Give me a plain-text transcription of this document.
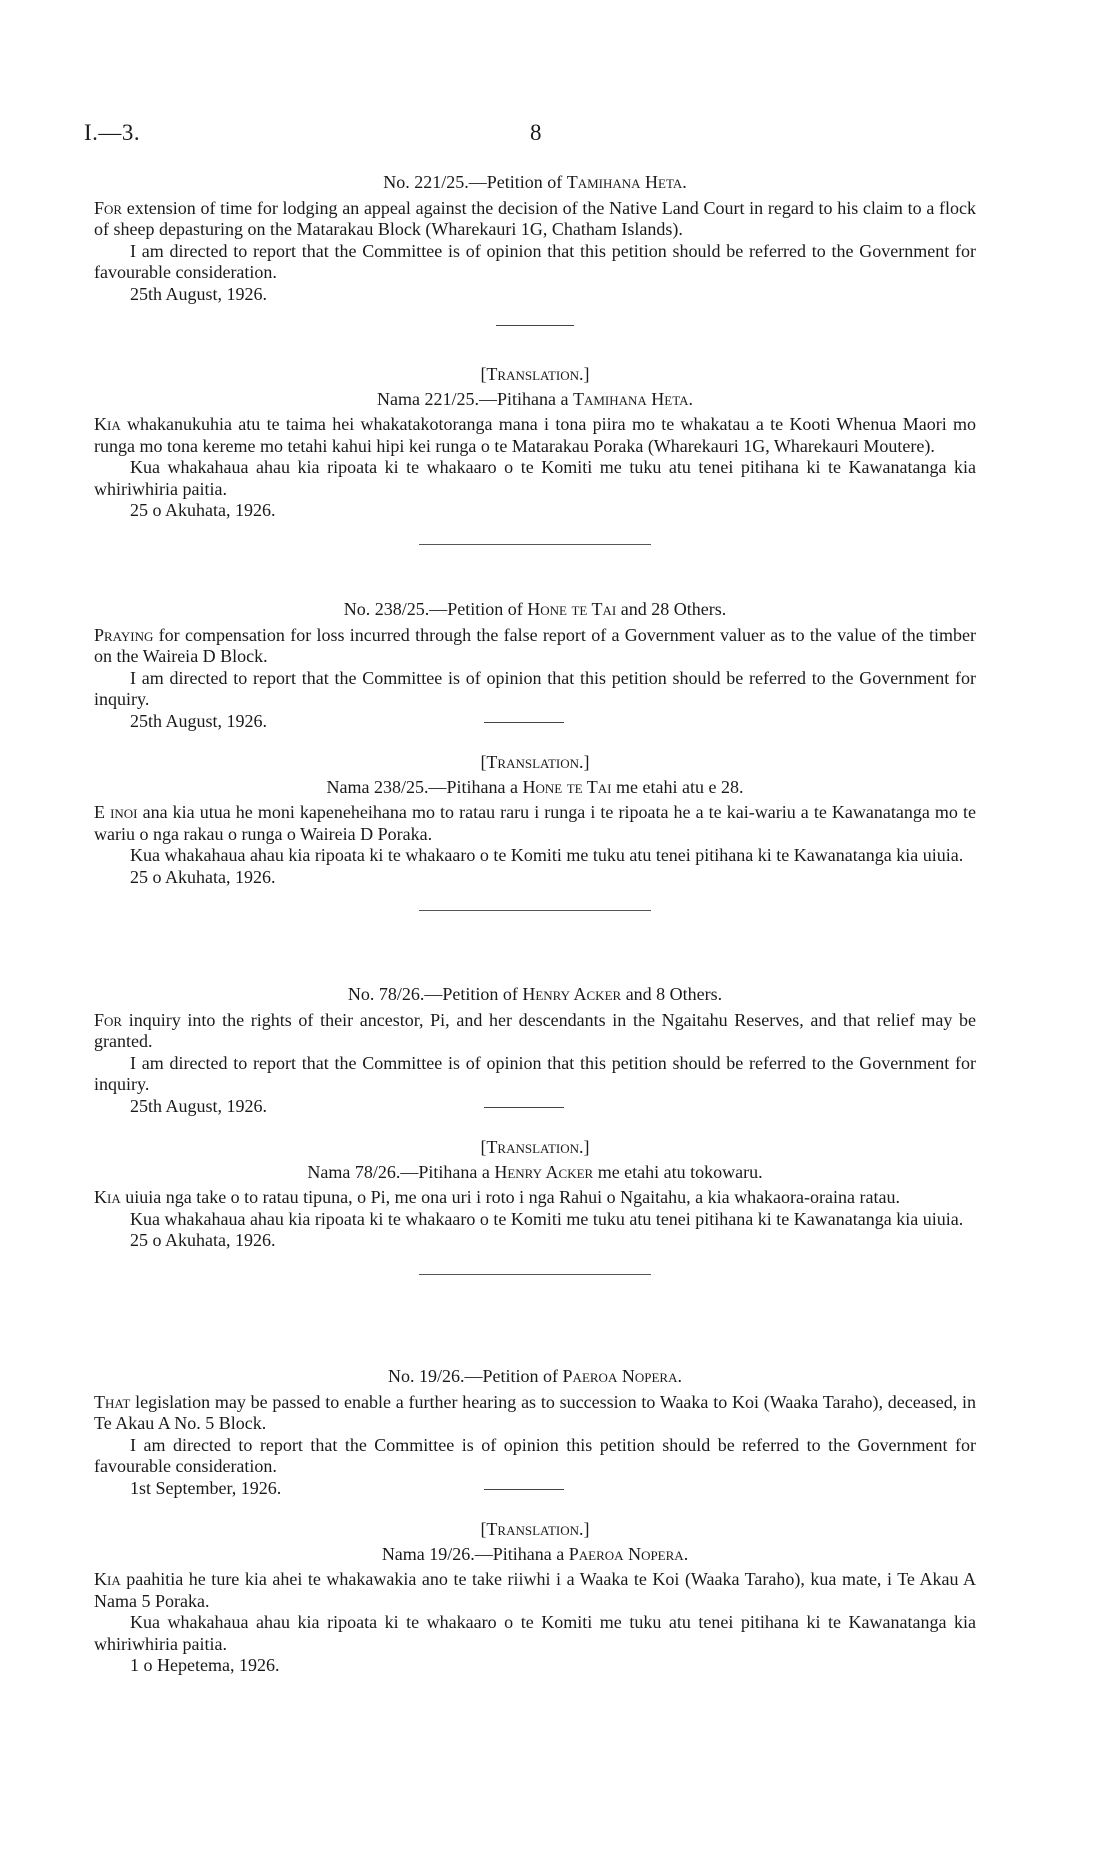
I.—3.	8
No. 221/25.—Petition of Tamihana Heta.

For extension of time for lodging an appeal against the decision of the Native Land Court in regard to his claim to a flock of sheep depasturing on the Matarakau Block (Wharekauri 1G, Chatham Islands).

I am directed to report that the Committee is of opinion that this petition should be referred to the Government for favourable consideration.

25th August, 1926.
[Translation.]
Nama 221/25.—Pitihana a Tamihana Heta.

Kia whakanukuhia atu te taima hei whakatakotoranga mana i tona piira mo te whakatau a te Kooti Whenua Maori mo runga mo tona kereme mo tetahi kahui hipi kei runga o te Matarakau Poraka (Wharekauri 1G, Wharekauri Moutere).

Kua whakahaua ahau kia ripoata ki te whakaaro o te Komiti me tuku atu tenei pitihana ki te Kawanatanga kia whiriwhiria paitia.

25 o Akuhata, 1926.
No. 238/25.—Petition of Hone te Tai and 28 Others.

Praying for compensation for loss incurred through the false report of a Government valuer as to the value of the timber on the Waireia D Block.

I am directed to report that the Committee is of opinion that this petition should be referred to the Government for inquiry.

25th August, 1926.
[Translation.]
Nama 238/25.—Pitihana a Hone te Tai me etahi atu e 28.

E inoi ana kia utua he moni kapeneheihana mo to ratau raru i runga i te ripoata he a te kai-wariu a te Kawanatanga mo te wariu o nga rakau o runga o Waireia D Poraka.

Kua whakahaua ahau kia ripoata ki te whakaaro o te Komiti me tuku atu tenei pitihana ki te Kawanatanga kia uiuia.

25 o Akuhata, 1926.
No. 78/26.—Petition of Henry Acker and 8 Others.

For inquiry into the rights of their ancestor, Pi, and her descendants in the Ngaitahu Reserves, and that relief may be granted.

I am directed to report that the Committee is of opinion that this petition should be referred to the Government for inquiry.

25th August, 1926.
[Translation.]
Nama 78/26.—Pitihana a Henry Acker me etahi atu tokowaru.

Kia uiuia nga take o to ratau tipuna, o Pi, me ona uri i roto i nga Rahui o Ngaitahu, a kia whakaora-oraina ratau.

Kua whakahaua ahau kia ripoata ki te whakaaro o te Komiti me tuku atu tenei pitihana ki te Kawanatanga kia uiuia.

25 o Akuhata, 1926.
No. 19/26.—Petition of Paeroa Nopera.

That legislation may be passed to enable a further hearing as to succession to Waaka to Koi (Waaka Taraho), deceased, in Te Akau A No. 5 Block.

I am directed to report that the Committee is of opinion this petition should be referred to the Government for favourable consideration.

1st September, 1926.
[Translation.]
Nama 19/26.—Pitihana a Paeroa Nopera.

Kia paahitia he ture kia ahei te whakawakia ano te take riiwhi i a Waaka te Koi (Waaka Taraho), kua mate, i Te Akau A Nama 5 Poraka.

Kua whakahaua ahau kia ripoata ki te whakaaro o te Komiti me tuku atu tenei pitihana ki te Kawanatanga kia whiriwhiria paitia.

1 o Hepetema, 1926.
